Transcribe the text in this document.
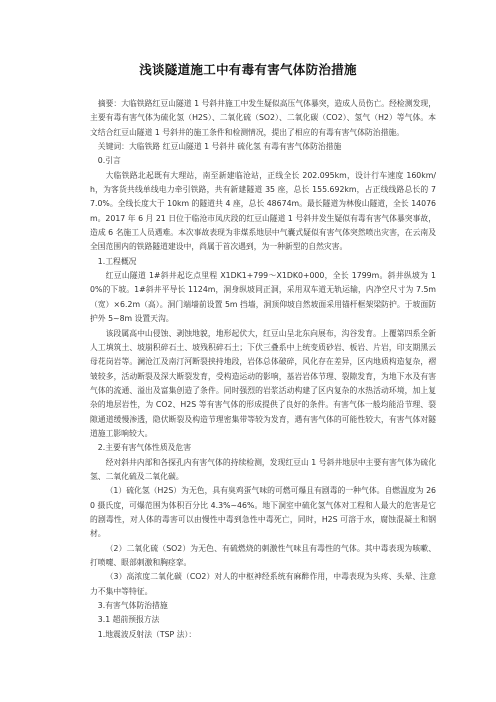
浅谈隧道施工中有毒有害气体防治措施

摘要：大临铁路红豆山隧道 1 号斜井施工中发生疑似高压气体暴突，造成人员伤亡。经检测发现，主要有毒有害气体为硫化氢（H2S）、二氧化硫（SO2）、二氧化碳（CO2）、氢气（H2）等气体。本文结合红豆山隧道 1 号斜井的施工条件和检测情况，提出了相应的有毒有害气体防治措施。

关键词：大临铁路 红豆山隧道 1 号斜井 硫化氢 有毒有害气体防治措施

0.引言

大临铁路北起既有大理站，南至新建临沧站，正线全长 202.095km，设计行车速度 160km/h，为客货共线单线电力牵引铁路，共有新建隧道 35 座，总长 155.692km，占正线线路总长的 77.0%。全线长度大于 10km 的隧道共 4 座，总长 48674m。最长隧道为林俊山隧道，全长 14076m。2017 年 6 月 21 日位于临沧市凤庆段的红豆山隧道 1 号斜井发生疑似有毒有害气体暴突事故，造成 6 名施工人员遇难。本次事故表现为非煤系地层中气囊式疑似有害气体突然喷出灾害，在云南及全国范围内的铁路隧道建设中，尚属于首次遇到，为一种新型的自然灾害。

1.工程概况

红豆山隧道 1#斜井起讫点里程 X1DK1+799～X1DK0+000，全长 1799m。斜井纵坡为 10%的下坡。1#斜井平导长 1124m，洞身纵坡同正洞，采用双车道无轨运输，内净空尺寸为 7.5m（宽）×6.2m（高）。洞门端墙前设置 5m 挡墙，洞顶仰坡自然坡面采用锚杆框架梁防护。于坡面防护外 5~8m 设置天沟。

该段属高中山侵蚀、剥蚀地貌，地形起伏大，红豆山呈北东向展布，沟谷发育。上覆第四系全新人工填筑土、坡崩积碎石土、坡残积碎石土；下伏三叠系中上统变质砂岩、板岩、片岩，印支期黑云母花岗岩等。澜沧江及南汀河断裂挟持地段，岩体总体破碎，风化存在差异，区内地质构造复杂，褶皱较多，活动断裂及深大断裂发育，受构造运动的影响，基岩岩体节理、裂隙发育，为地下水及有害气体的流通、溢出及富集创造了条件。同时强烈的岩浆活动构建了区内复杂的水热活动环境，加上复杂的地层岩性，为 CO2、H2S 等有害气体的形成提供了良好的条件。有害气体一般均能沿节理、裂隙通道缓慢渗透，隐伏断裂及构造节理密集带等较为发育，遇有害气体的可能性较大，有害气体对隧道施工影响较大。

2.主要有害气体性质及危害

经对斜井内部和各探孔内有害气体的持续检测，发现红豆山 1 号斜井地层中主要有害气体为硫化氢、二氧化硫及二氧化碳。

（1）硫化氢（H2S）为无色，具有臭鸡蛋气味的可燃可爆且有剧毒的一种气体。自燃温度为 260 摄氏度，可爆范围为体积百分比 4.3%~46%。地下洞室中硫化氢气体对工程和人最大的危害是它的剧毒性，对人体的毒害可以由慢性中毒到急性中毒死亡，同时，H2S 可溶于水，腐蚀混凝土和钢材。

（2）二氧化硫（SO2）为无色、有硫燃烧的刺激性气味且有毒性的气体。其中毒表现为咳嗽、打喷嚏、眼部刺激和胸痉挛。

（3）高浓度二氧化碳（CO2）对人的中枢神经系统有麻醉作用，中毒表现为头疼、头晕、注意力不集中等特征。

3.有害气体防治措施

3.1 超前预报方法

1.地震波反射法（TSP 法）：
